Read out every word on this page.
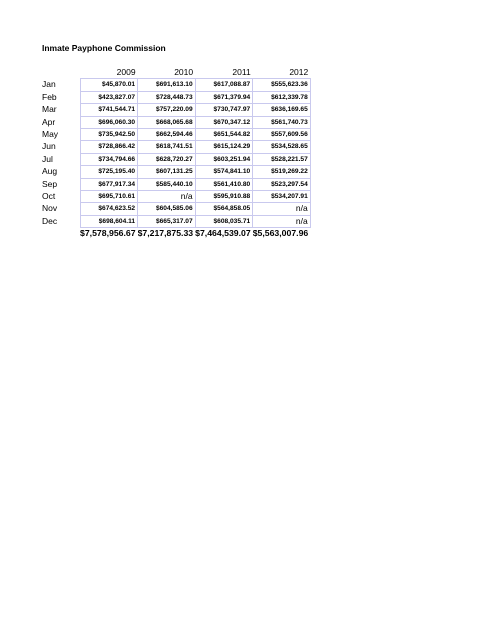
Inmate Payphone Commission
	2009	2010	2011	2012
Jan	$45,870.01	$691,613.10	$617,088.87	$555,623.36
Feb	$423,827.07	$728,448.73	$671,379.94	$612,339.78
Mar	$741,544.71	$757,220.09	$730,747.97	$636,169.65
Apr	$696,060.30	$668,065.68	$670,347.12	$561,740.73
May	$735,942.50	$662,594.46	$651,544.82	$557,609.56
Jun	$728,866.42	$618,741.51	$615,124.29	$534,528.65
Jul	$734,794.66	$628,720.27	$603,251.94	$528,221.57
Aug	$725,195.40	$607,131.25	$574,841.10	$519,269.22
Sep	$677,917.34	$585,440.10	$561,410.80	$523,297.54
Oct	$695,710.61	n/a	$595,910.88	$534,207.91
Nov	$674,623.52	$604,585.06	$564,858.05	n/a
Dec	$698,604.11	$665,317.07	$608,035.71	n/a
	$7,578,956.67	$7,217,875.33	$7,464,539.07	$5,563,007.96
